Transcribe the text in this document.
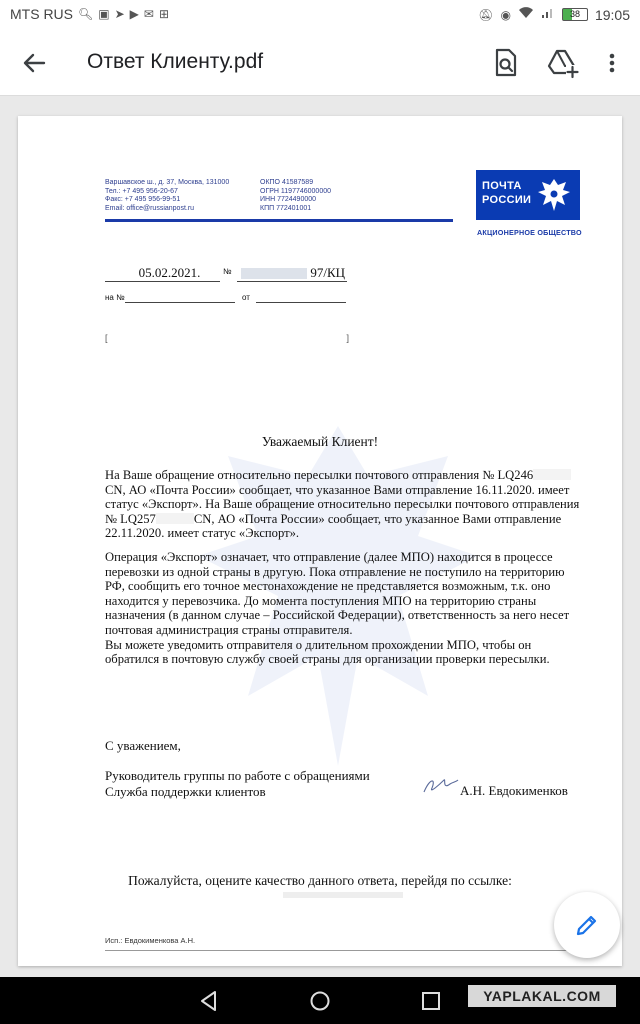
MTS RUS 🔍︎ ▣ ➤ ▶ ✉ ⊞	🔕︎ ◉	38	19:05
Ответ Клиенту.pdf
Варшавское ш., д. 37, Москва, 131000
Тел.: +7 495 956-20-67
Факс: +7 495 956-99-51
Email: office@russianpost.ru
ОКПО 41587589
ОГРН 1197746000000
ИНН 7724490000
КПП 772401001
ПОЧТА
РОССИИ
АКЦИОНЕРНОЕ ОБЩЕСТВО
05.02.2021.	№	97/КЦ
на №	от
[	]
Уважаемый Клиент!
На Ваше обращение относительно пересылки почтового отправления № LQ246CN, АО «Почта России» сообщает, что указанное Вами отправление 16.11.2020. имеет статус «Экспорт». На Ваше обращение относительно пересылки почтового отправления № LQ257	CN, АО «Почта России» сообщает, что указанное Вами отправление 22.11.2020. имеет статус «Экспорт».
Операция «Экспорт» означает, что отправление (далее МПО) находится в процессе перевозки из одной страны в другую. Пока отправление не поступило на территорию РФ, сообщить его точное местонахождение не представляется возможным, т.к. оно находится у перевозчика. До момента поступления МПО на территорию страны назначения (в данном случае – Российской Федерации), ответственность за него несет почтовая администрация страны отправителя.
Вы можете уведомить отправителя о длительном прохождении МПО, чтобы он обратился в почтовую службу своей страны для организации проверки пересылки.
С уважением,
Руководитель группы по работе с обращениями
Служба поддержки клиентов	А.Н. Евдокименков
Пожалуйста, оцените качество данного ответа, перейдя по ссылке:
Исп.: Евдокименкова А.Н.
YAPLAKAL.COM
